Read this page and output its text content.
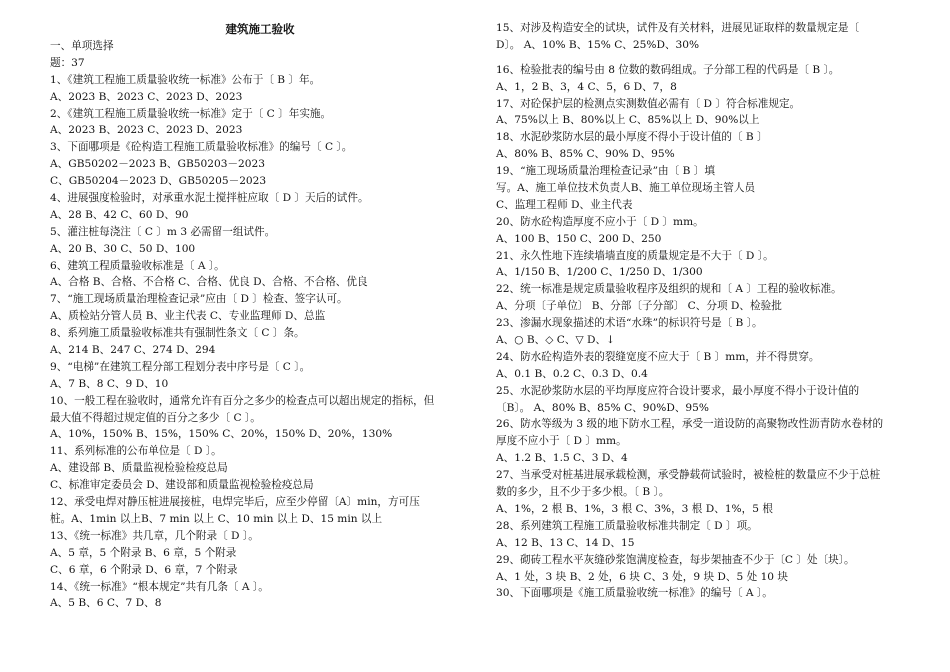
建筑施工验收
一、单项选择
题：37
1、《建筑工程施工质量验收统一标准》公布于〔 B 〕年。
A、2023 B、2023 C、2023 D、2023
2、《建筑工程施工质量验收统一标准》定于〔 C 〕年实施。
A、2023 B、2023 C、2023 D、2023
3、下面哪项是《砼构造工程施工质量验收标准》的编号〔 C 〕。
A、GB50202－2023 B、GB50203－2023
C、GB50204－2023 D、GB50205－2023
4、进展强度检验时，对承重水泥土搅拌桩应取〔 D 〕天后的试件。
A、28 B、42 C、60 D、90
5、灌注桩每浇注〔 C 〕m 3 必需留一组试件。
A、20 B、30 C、50 D、100
6、建筑工程质量验收标准是〔 A 〕。
A、合格 B、合格、不合格 C、合格、优良 D、合格、不合格、优良
7、“施工现场质量治理检查记录”应由〔 D 〕检查、签字认可。
A、质检站分管人员 B、业主代表 C、专业监理师 D、总监
8、系列施工质量验收标准共有强制性条文〔 C 〕条。
A、214 B、247 C、274 D、294
9、“电梯”在建筑工程分部工程划分表中序号是〔 C 〕。
A、7 B、8 C、9 D、10
10、一般工程在验收时，通常允许有百分之多少的检查点可以超出规定的指标，但
最大值不得超过规定值的百分之多少〔 C 〕。
A、10%，150% B、15%，150% C、20%，150% D、20%，130%
11、系列标准的公布单位是〔 D 〕。
A、建设部 B、质量监视检验检疫总局
C、标准审定委员会 D、建设部和质量监视检验检疫总局
12、承受电焊对静压桩进展接桩，电焊完毕后，应至少停留〔A〕min，方可压
桩。A、1min 以上B、7 min 以上 C、10 min 以上 D、15 min 以上
13、《统一标准》共几章，几个附录〔 D 〕。
A、5 章，5 个附录 B、6 章，5 个附录
C、6 章，6 个附录 D、6 章，7 个附录
14、《统一标准》“根本规定”共有几条〔 A 〕。
A、5 B、6 C、7 D、8
15、对涉及构造安全的试块，试件及有关材料，进展见证取样的数量规定是〔
D〕。 A、10% B、15% C、25%D、30%
16、检验批表的编号由 8 位数的数码组成。子分部工程的代码是〔 B 〕。
A、1，2 B、3，4 C、5，6 D、7，8
17、对砼保护层的检测点实测数值必需有〔 D 〕符合标准规定。
A、75%以上 B、80%以上 C、85%以上 D、90%以上
18、水泥砂浆防水层的最小厚度不得小于设计值的〔 B 〕
A、80% B、85% C、90% D、95%
19、“施工现场质量治理检查记录”由〔 B 〕填
写。A、施工单位技术负责人B、施工单位现场主管人员
C、监理工程师 D、业主代表
20、防水砼构造厚度不应小于〔 D 〕mm。
A、100 B、150 C、200 D、250
21、永久性地下连续墙墙直度的质量规定是不大于〔 D 〕。
A、1/150 B、1/200 C、1/250 D、1/300
22、统一标准是规定质量验收程序及组织的规和〔 A 〕工程的验收标准。
A、分项〔子单位〕 B、分部〔子分部〕 C、分项 D、检验批
23、渗漏水现象描述的术语“水珠”的标识符号是〔 B 〕。
A、○ B、◇ C、▽ D、↓
24、防水砼构造外表的裂缝宽度不应大于〔 B 〕mm，并不得贯穿。
A、0.1 B、0.2 C、0.3 D、0.4
25、水泥砂浆防水层的平均厚度应符合设计要求，最小厚度不得小于设计值的
〔B〕。 A、80% B、85% C、90%D、95%
26、防水等级为 3 级的地下防水工程，承受一道设防的高聚物改性沥青防水卷材的
厚度不应小于〔 D 〕mm。
A、1.2 B、1.5 C、3 D、4
27、当承受对桩基进展承载检测，承受静载荷试验时，被检桩的数量应不少于总桩
数的多少，且不少于多少根。〔 B 〕。
A、1%，2 根 B、1%，3 根 C、3%，3 根 D、1%，5 根
28、系列建筑工程施工质量验收标准共制定〔 D 〕项。
A、12 B、13 C、14 D、15
29、砌砖工程水平灰缝砂浆饱满度检查，每步架抽查不少于〔C 〕处〔块〕。
A、1 处，3 块 B、2 处，6 块 C、3 处，9 块 D、5 处 10 块
30、下面哪项是《施工质量验收统一标准》的编号〔 A 〕。
